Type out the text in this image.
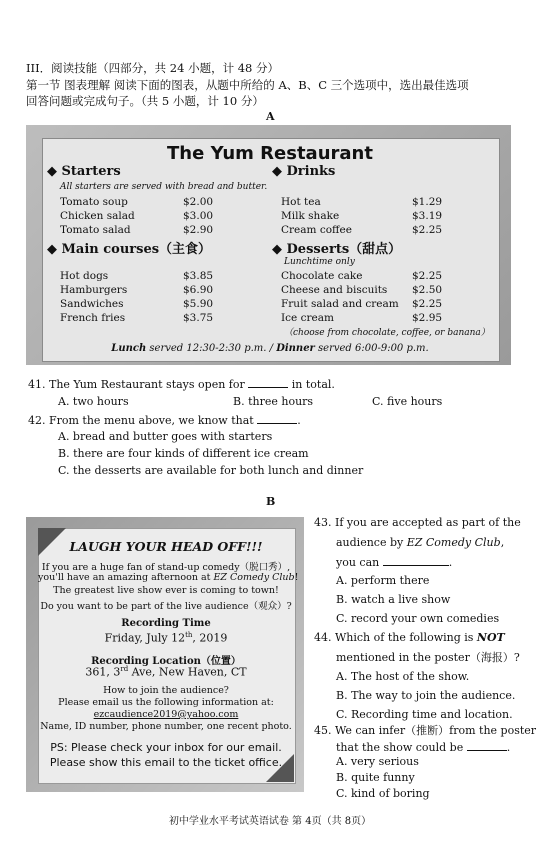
III．阅读技能（四部分，共 24 小题，计 48 分）
第一节 图表理解 阅读下面的图表，从题中所给的 A、B、C 三个选项中，选出最佳选项
回答问题或完成句子。（共 5 小题，计 10 分）
A
The Yum Restaurant
◆ Starters
All starters are served with bread and butter.
Tomato soup	$2.00
Chicken salad	$3.00
Tomato salad	$2.90
◆ Drinks
Hot tea	$1.29
Milk shake	$3.19
Cream coffee	$2.25
◆ Main courses（主食）
Hot dogs	$3.85
Hamburgers	$6.90
Sandwiches	$5.90
French fries	$3.75
◆ Desserts（甜点）
Lunchtime only
Chocolate cake	$2.25
Cheese and biscuits $2.50
Fruit salad and cream $2.25
Ice cream	$2.95
（choose from chocolate, coffee, or banana）
Lunch served 12:30-2:30 p.m. / Dinner served 6:00-9:00 p.m.
41. The Yum Restaurant stays open for	in total.
A. two hours	B. three hours	C. five hours
42. From the menu above, we know that	.
A. bread and butter goes with starters
B. there are four kinds of different ice cream
C. the desserts are available for both lunch and dinner
B
LAUGH YOUR HEAD OFF!!!
If you are a huge fan of stand-up comedy（脱口秀）,
you'll have an amazing afternoon at EZ Comedy Club!
The greatest live show ever is coming to town!
Do you want to be part of the live audience（观众）?
Recording Time
Friday, July 12th, 2019
Recording Location（位置）
361, 3rd Ave, New Haven, CT
How to join the audience?
Please email us the following information at:
ezcaudience2019@yahoo.com
Name, ID number, phone number, one recent photo.
PS: Please check your inbox for our email.
Please show this email to the ticket office.
43. If you are accepted as part of the
audience by EZ Comedy Club,
you can	.
A. perform there
B. watch a live show
C. record your own comedies
44. Which of the following is NOT
mentioned in the poster（海报）?
A. The host of the show.
B. The way to join the audience.
C. Recording time and location.
45. We can infer（推断）from the poster
that the show could be	.
A. very serious
B. quite funny
C. kind of boring
初中学业水平考试英语试卷 第 4页（共 8页）
